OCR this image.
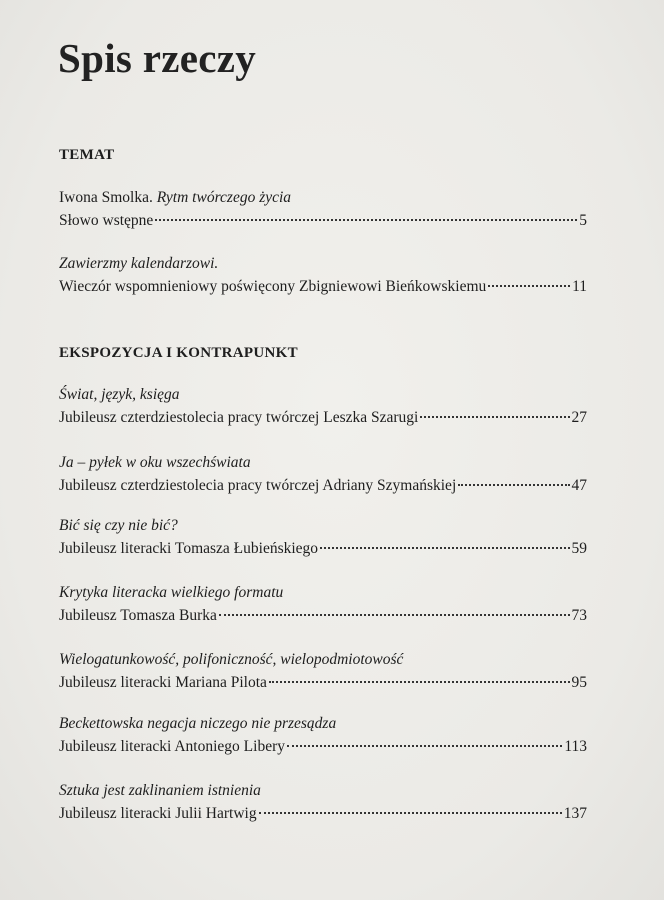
Spis rzeczy
TEMAT
Iwona Smolka. Rytm twórczego życia
Słowo wstępne	5
Zawierzmy kalendarzowi.
Wieczór wspomnieniowy poświęcony Zbigniewowi Bieńkowskiemu	11
EKSPOZYCJA I KONTRAPUNKT
Świat, język, księga
Jubileusz czterdziestolecia pracy twórczej Leszka Szarugi	27
Ja – pyłek w oku wszechświata
Jubileusz czterdziestolecia pracy twórczej Adriany Szymańskiej	47
Bić się czy nie bić?
Jubileusz literacki Tomasza Łubieńskiego	59
Krytyka literacka wielkiego formatu
Jubileusz Tomasza Burka	73
Wielogatunkowość, polifoniczność, wielopodmiotowość
Jubileusz literacki Mariana Pilota	95
Beckettowska negacja niczego nie przesądza
Jubileusz literacki Antoniego Libery	113
Sztuka jest zaklinaniem istnienia
Jubileusz literacki Julii Hartwig	137
